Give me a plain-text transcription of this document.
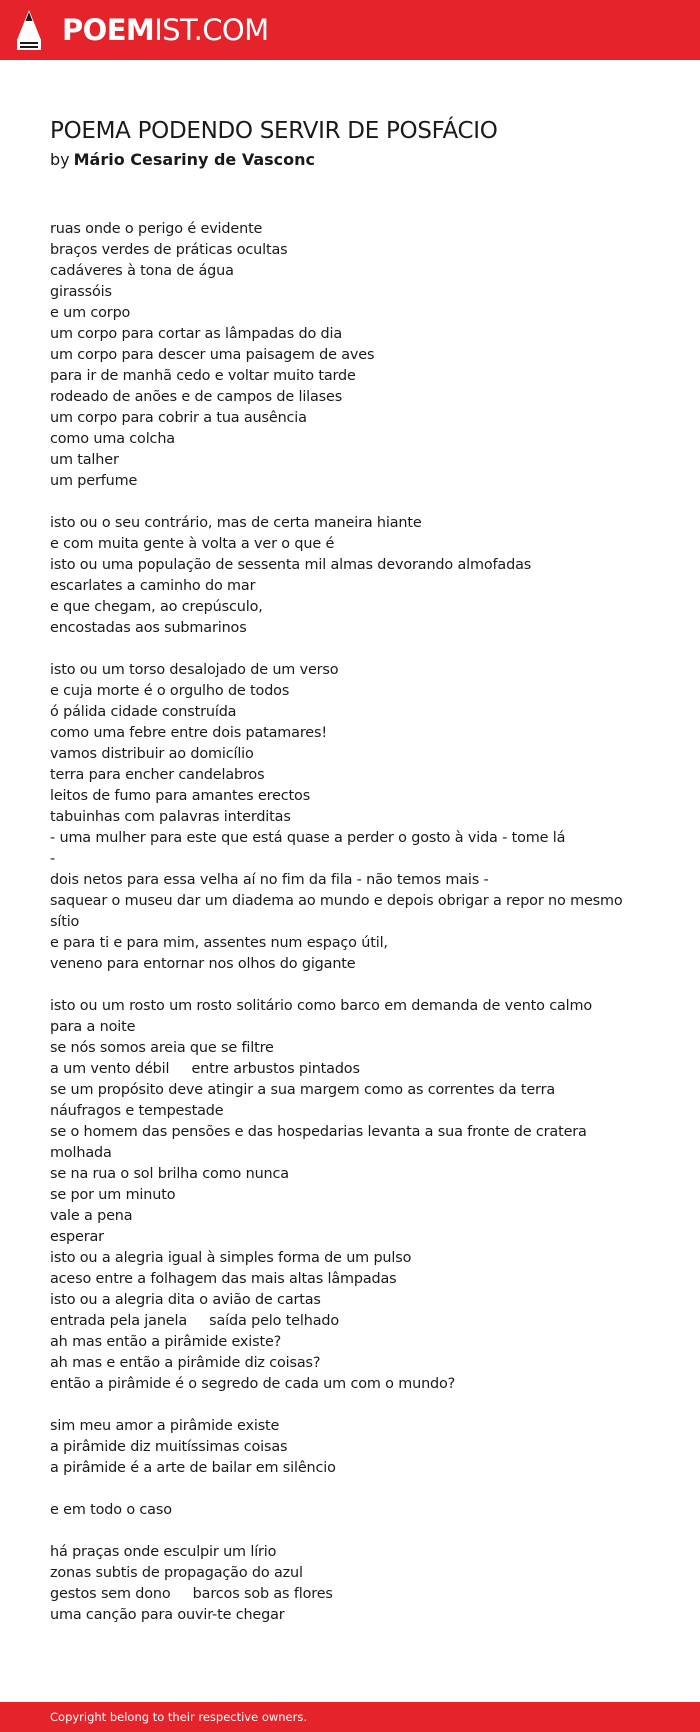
POEMIST.COM
POEMA PODENDO SERVIR DE POSFÁCIO
by Mário Cesariny de Vasconc
ruas onde o perigo é evidente
braços verdes de práticas ocultas
cadáveres à tona de água
girassóis
e um corpo
um corpo para cortar as lâmpadas do dia
um corpo para descer uma paisagem de aves
para ir de manhã cedo e voltar muito tarde
rodeado de anões e de campos de lilases
um corpo para cobrir a tua ausência
como uma colcha
um talher
um perfume
isto ou o seu contrário, mas de certa maneira hiante
e com muita gente à volta a ver o que é
isto ou uma população de sessenta mil almas devorando almofadas
escarlates a caminho do mar
e que chegam, ao crepúsculo,
encostadas aos submarinos
isto ou um torso desalojado de um verso
e cuja morte é o orgulho de todos
ó pálida cidade construída
como uma febre entre dois patamares!
vamos distribuir ao domicílio
terra para encher candelabros
leitos de fumo para amantes erectos
tabuinhas com palavras interditas
- uma mulher para este que está quase a perder o gosto à vida - tome lá
-
dois netos para essa velha aí no fim da fila - não temos mais -
saquear o museu dar um diadema ao mundo e depois obrigar a repor no mesmo
sítio
e para ti e para mim, assentes num espaço útil,
veneno para entornar nos olhos do gigante
isto ou um rosto um rosto solitário como barco em demanda de vento calmo
para a noite
se nós somos areia que se filtre
a um vento débil     entre arbustos pintados
se um propósito deve atingir a sua margem como as correntes da terra
náufragos e tempestade
se o homem das pensões e das hospedarias levanta a sua fronte de cratera
molhada
se na rua o sol brilha como nunca
se por um minuto
vale a pena
esperar
isto ou a alegria igual à simples forma de um pulso
aceso entre a folhagem das mais altas lâmpadas
isto ou a alegria dita o avião de cartas
entrada pela janela     saída pelo telhado
ah mas então a pirâmide existe?
ah mas e então a pirâmide diz coisas?
então a pirâmide é o segredo de cada um com o mundo?
sim meu amor a pirâmide existe
a pirâmide diz muitíssimas coisas
a pirâmide é a arte de bailar em silêncio
e em todo o caso
há praças onde esculpir um lírio
zonas subtis de propagação do azul
gestos sem dono     barcos sob as flores
uma canção para ouvir-te chegar
Copyright belong to their respective owners.
